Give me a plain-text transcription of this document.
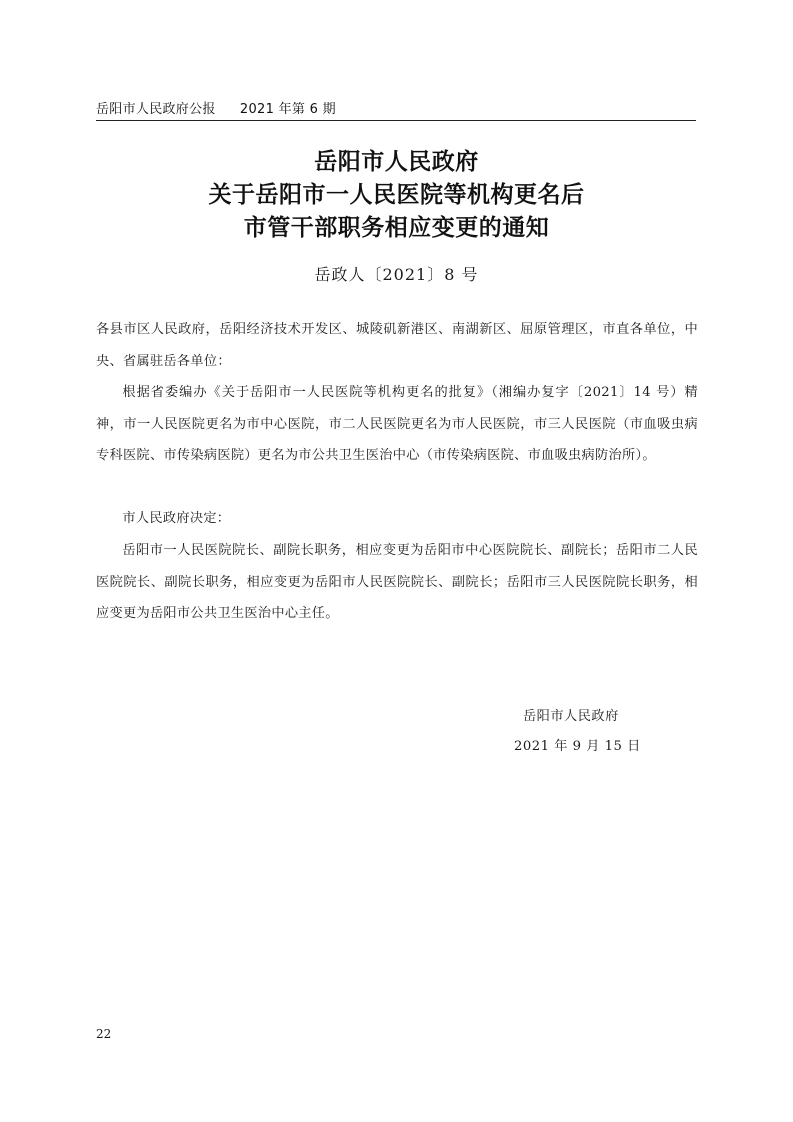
岳阳市人民政府公报 2021 年第 6 期
岳阳市人民政府
关于岳阳市一人民医院等机构更名后
市管干部职务相应变更的通知
岳政人〔2021〕8 号
各县市区人民政府，岳阳经济技术开发区、城陵矶新港区、南湖新区、屈原管理区，市直各单位，中央、省属驻岳各单位：
根据省委编办《关于岳阳市一人民医院等机构更名的批复》（湘编办复字〔2021〕14 号）精神，市一人民医院更名为市中心医院，市二人民医院更名为市人民医院，市三人民医院（市血吸虫病专科医院、市传染病医院）更名为市公共卫生医治中心（市传染病医院、市血吸虫病防治所）。
市人民政府决定：
岳阳市一人民医院院长、副院长职务，相应变更为岳阳市中心医院院长、副院长；岳阳市二人民医院院长、副院长职务，相应变更为岳阳市人民医院院长、副院长；岳阳市三人民医院院长职务，相应变更为岳阳市公共卫生医治中心主任。
岳阳市人民政府
2021 年 9 月 15 日
22
